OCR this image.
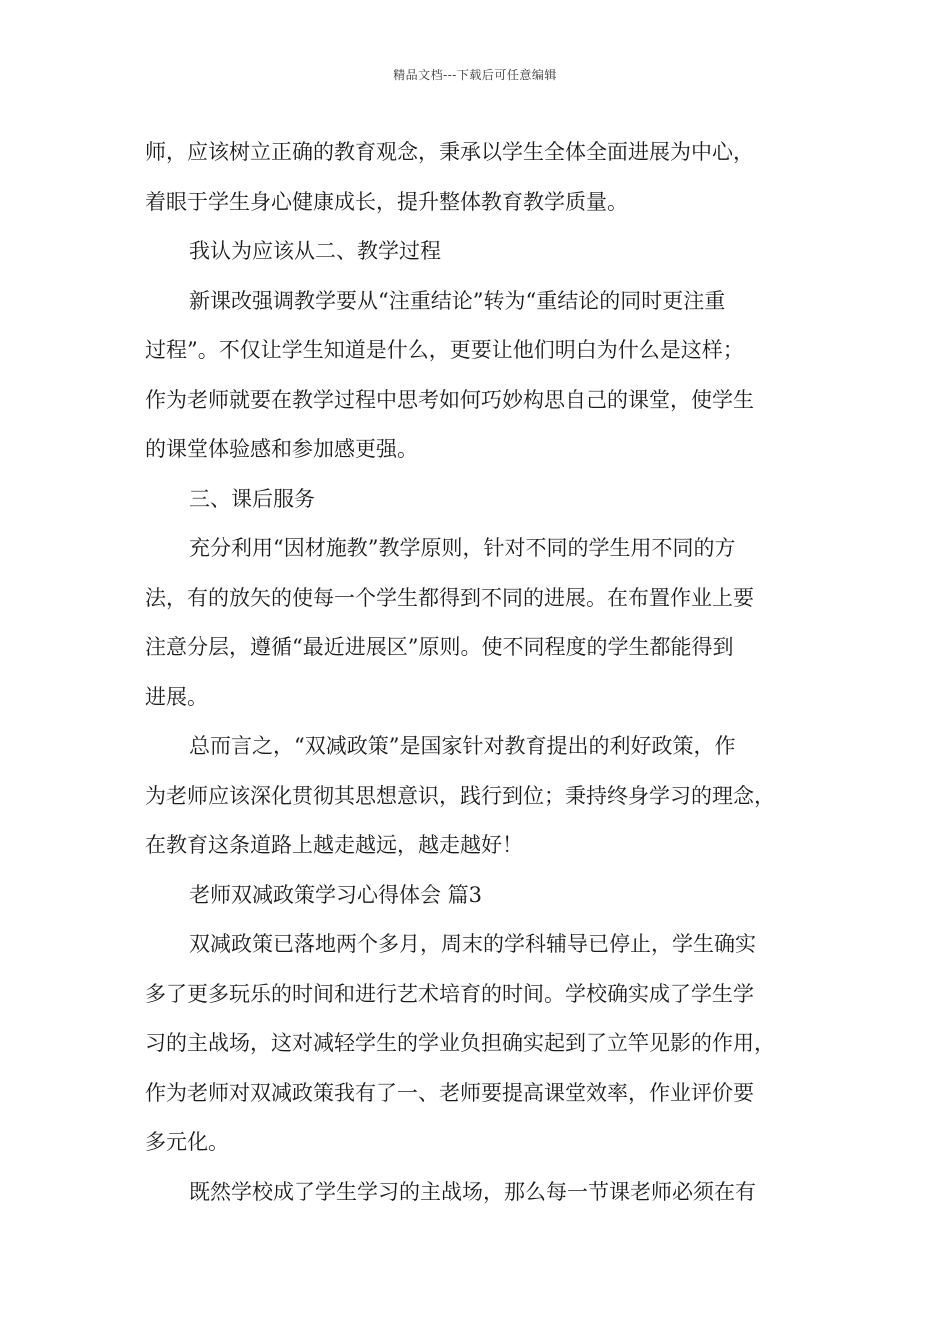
精品文档---下载后可任意编辑
师，应该树立正确的教育观念，秉承以学生全体全面进展为中心，
着眼于学生身心健康成长，提升整体教育教学质量。
我认为应该从二、教学过程
新课改强调教学要从“注重结论”转为“重结论的同时更注重
过程”。不仅让学生知道是什么，更要让他们明白为什么是这样；
作为老师就要在教学过程中思考如何巧妙构思自己的课堂，使学生
的课堂体验感和参加感更强。
三、课后服务
充分利用“因材施教”教学原则，针对不同的学生用不同的方
法，有的放矢的使每一个学生都得到不同的进展。在布置作业上要
注意分层，遵循“最近进展区”原则。使不同程度的学生都能得到
进展。
总而言之，“双减政策”是国家针对教育提出的利好政策，作
为老师应该深化贯彻其思想意识，践行到位；秉持终身学习的理念，
在教育这条道路上越走越远，越走越好！
老师双减政策学习心得体会 篇3
双减政策已落地两个多月，周末的学科辅导已停止，学生确实
多了更多玩乐的时间和进行艺术培育的时间。学校确实成了学生学
习的主战场，这对减轻学生的学业负担确实起到了立竿见影的作用，
作为老师对双减政策我有了一、老师要提高课堂效率，作业评价要
多元化。
既然学校成了学生学习的主战场，那么每一节课老师必须在有
